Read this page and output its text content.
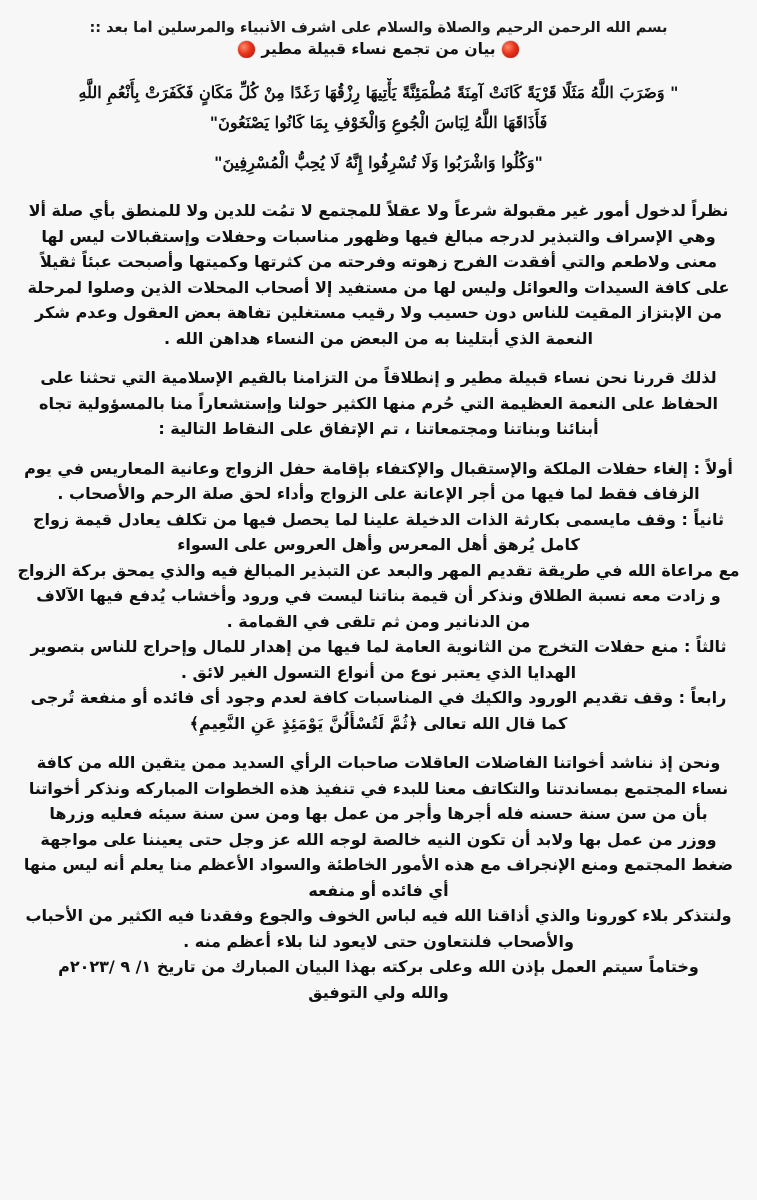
بسم الله الرحمن الرحيم والصلاة والسلام على أشرف الأنبياء والمرسلين أما بعد ::
بيان من تجمع نساء قبيلة مطير
" وَضَرَبَ اللَّهُ مَثَلًا قَرْيَةً كَانَتْ آمِنَةً مُطْمَئِنَّةً يَأْتِيهَا رِزْقُهَا رَغَدًا مِنْ كُلِّ مَكَانٍ فَكَفَرَتْ بِأَنْعُمِ اللَّهِ
فَأَذَاقَهَا اللَّهُ لِبَاسَ الْجُوعِ وَالْخَوْفِ بِمَا كَانُوا يَصْنَعُونَ"
"وَكُلُوا وَاشْرَبُوا وَلَا تُسْرِفُوا إِنَّهُ لَا يُحِبُّ الْمُسْرِفِينَ"
نظراً لدخول أمور غير مقبولة شرعاً ولا عقلاً للمجتمع لا تمُت للدين ولا للمنطق بأي صلة ألا
وهي الإسراف والتبذير لدرجه مبالغ فيها وظهور مناسبات وحفلات وإستقبالات ليس لها
معنى ولاطعم والتي أفقدت الفرح زهوته وفرحته من كثرتها وكميتها وأصبحت عبئاً ثقيلاً
على كافة السيدات والعوائل وليس لها من مستفيد إلا أصحاب المحلات الذين وصلوا لمرحلة
من الإبتزاز المقيت للناس دون حسيب ولا رقيب مستغلين تفاهة بعض العقول وعدم شكر
النعمة الذي أبتلينا به من البعض من النساء هداهن الله .
لذلك قررنا نحن نساء قبيلة مطير و إنطلاقاً من التزامنا بالقيم الإسلامية التي تحثنا على
الحفاظ على النعمة العظيمة التي حُرم منها الكثير حولنا وإستشعاراً منا بالمسؤولية تجاه
أبنائنا وبناتنا ومجتمعاتنا ، تم الإتفاق على النقاط التالية :
أولاً : إلغاء حفلات الملكة والإستقبال والإكتفاء بإقامة حفل الزواج وعانية المعاريس في يوم
الزفاف فقط لما فيها من أجر الإعانة على الزواج وأداء لحق صلة الرحم والأصحاب .
ثانياً : وقف مايسمى بكارثة الذات الدخيلة علينا لما يحصل فيها من تكلف يعادل قيمة زواج
كامل يُرهق أهل المعرس وأهل العروس على السواء
مع مراعاة الله في طريقة تقديم المهر والبعد عن التبذير المبالغ فيه والذي يمحق بركة الزواج
و زادت معه نسبة الطلاق ونذكر أن قيمة بناتنا ليست في ورود وأخشاب يُدفع فيها الآلاف
من الدنانير ومن ثم تلقى في القمامة .
ثالثاً : منع حفلات التخرج من الثانوية العامة لما فيها من إهدار للمال وإحراج للناس بتصوير
الهدايا الذي يعتبر نوع من أنواع التسول الغير لائق .
رابعاً : وقف تقديم الورود والكيك في المناسبات كافة لعدم وجود أى فائده أو منفعة تُرجى
كما قال الله تعالى ﴿ثُمَّ لَتُسْأَلُنَّ يَوْمَئِذٍ عَنِ النَّعِيمِ﴾
ونحن إذ نناشد أخواتنا الفاضلات العاقلات صاحبات الرأي السديد ممن يتقين الله من كافة
نساء المجتمع بمساندتنا والتكاتف معنا للبدء في تنفيذ هذه الخطوات المباركه ونذكر أخواتنا
بأن من سن سنة حسنه فله أجرها وأجر من عمل بها ومن سن سنة سيئه فعليه وزرها
ووزر من عمل بها ولابد أن تكون النيه خالصة لوجه الله عز وجل حتى يعيننا على مواجهة
ضغط المجتمع ومنع الإنجراف مع هذه الأمور الخاطئة والسواد الأعظم منا يعلم أنه ليس منها
أي فائده أو منفعه
ولنتذكر بلاء كورونا والذي أذاقنا الله فيه لباس الخوف والجوع وفقدنا فيه الكثير من الأحباب
والأصحاب فلنتعاون حتى لايعود لنا بلاء أعظم منه .
وختاماً سيتم العمل بإذن الله وعلى بركته بهذا البيان المبارك من تاريخ ١/ ٩ /٢٠٢٣م
والله ولي التوفيق
